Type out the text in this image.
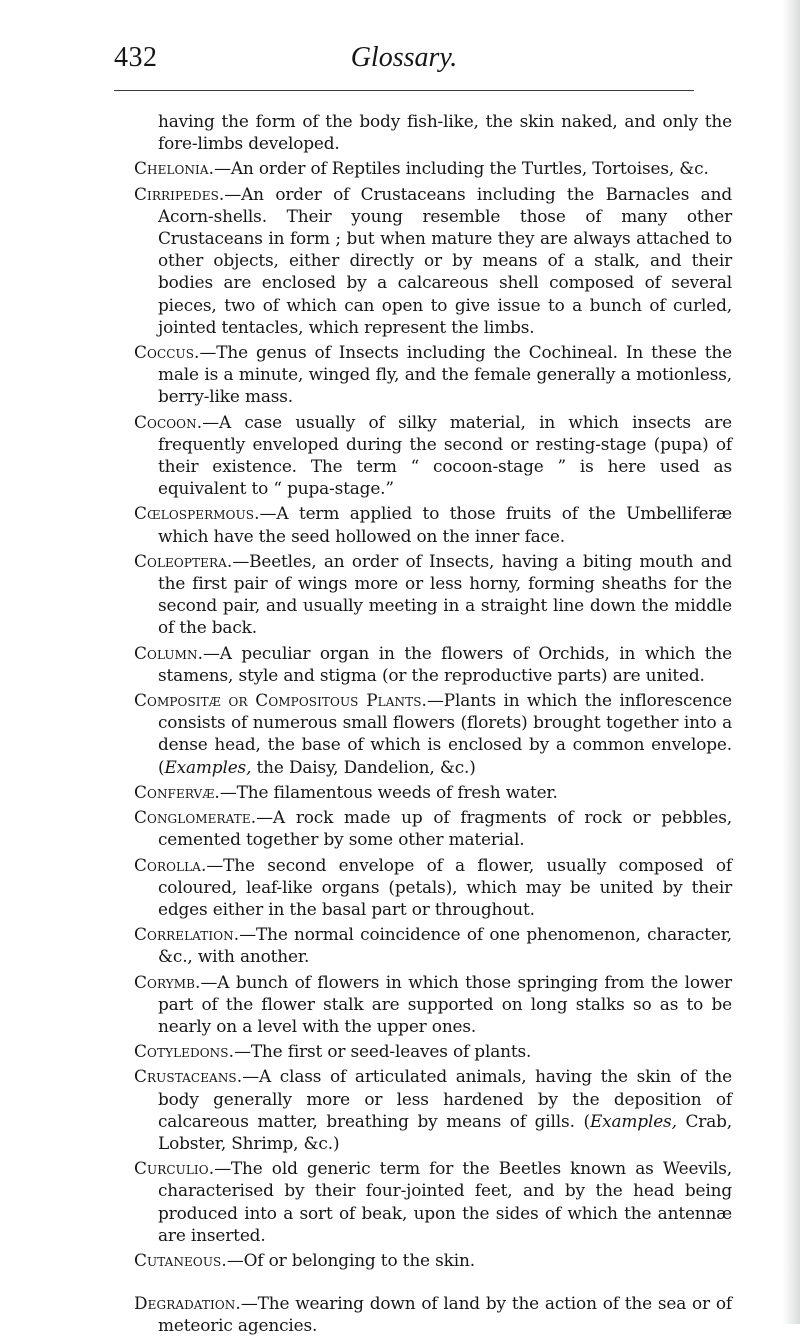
432	Glossary.

having the form of the body fish-like, the skin naked, and only the fore-limbs developed.

Chelonia.—An order of Reptiles including the Turtles, Tortoises, &c.

Cirripedes.—An order of Crustaceans including the Barnacles and Acorn-shells. Their young resemble those of many other Crustaceans in form ; but when mature they are always attached to other objects, either directly or by means of a stalk, and their bodies are enclosed by a calcareous shell composed of several pieces, two of which can open to give issue to a bunch of curled, jointed tentacles, which represent the limbs.

Coccus.—The genus of Insects including the Cochineal. In these the male is a minute, winged fly, and the female generally a motionless, berry-like mass.

Cocoon.—A case usually of silky material, in which insects are frequently enveloped during the second or resting-stage (pupa) of their existence. The term “ cocoon-stage ” is here used as equivalent to “ pupa-stage.”

Cœlospermous.—A term applied to those fruits of the Umbelliferæ which have the seed hollowed on the inner face.

Coleoptera.—Beetles, an order of Insects, having a biting mouth and the first pair of wings more or less horny, forming sheaths for the second pair, and usually meeting in a straight line down the middle of the back.

Column.—A peculiar organ in the flowers of Orchids, in which the stamens, style and stigma (or the reproductive parts) are united.

Compositæ or Compositous Plants.—Plants in which the inflorescence consists of numerous small flowers (florets) brought together into a dense head, the base of which is enclosed by a common envelope. (Examples, the Daisy, Dandelion, &c.)

Confervæ.—The filamentous weeds of fresh water.

Conglomerate.—A rock made up of fragments of rock or pebbles, cemented together by some other material.

Corolla.—The second envelope of a flower, usually composed of coloured, leaf-like organs (petals), which may be united by their edges either in the basal part or throughout.

Correlation.—The normal coincidence of one phenomenon, character, &c., with another.

Corymb.—A bunch of flowers in which those springing from the lower part of the flower stalk are supported on long stalks so as to be nearly on a level with the upper ones.

Cotyledons.—The first or seed-leaves of plants.

Crustaceans.—A class of articulated animals, having the skin of the body generally more or less hardened by the deposition of calcareous matter, breathing by means of gills. (Examples, Crab, Lobster, Shrimp, &c.)

Curculio.—The old generic term for the Beetles known as Weevils, characterised by their four-jointed feet, and by the head being produced into a sort of beak, upon the sides of which the antennæ are inserted.

Cutaneous.—Of or belonging to the skin.

Degradation.—The wearing down of land by the action of the sea or of meteoric agencies.
